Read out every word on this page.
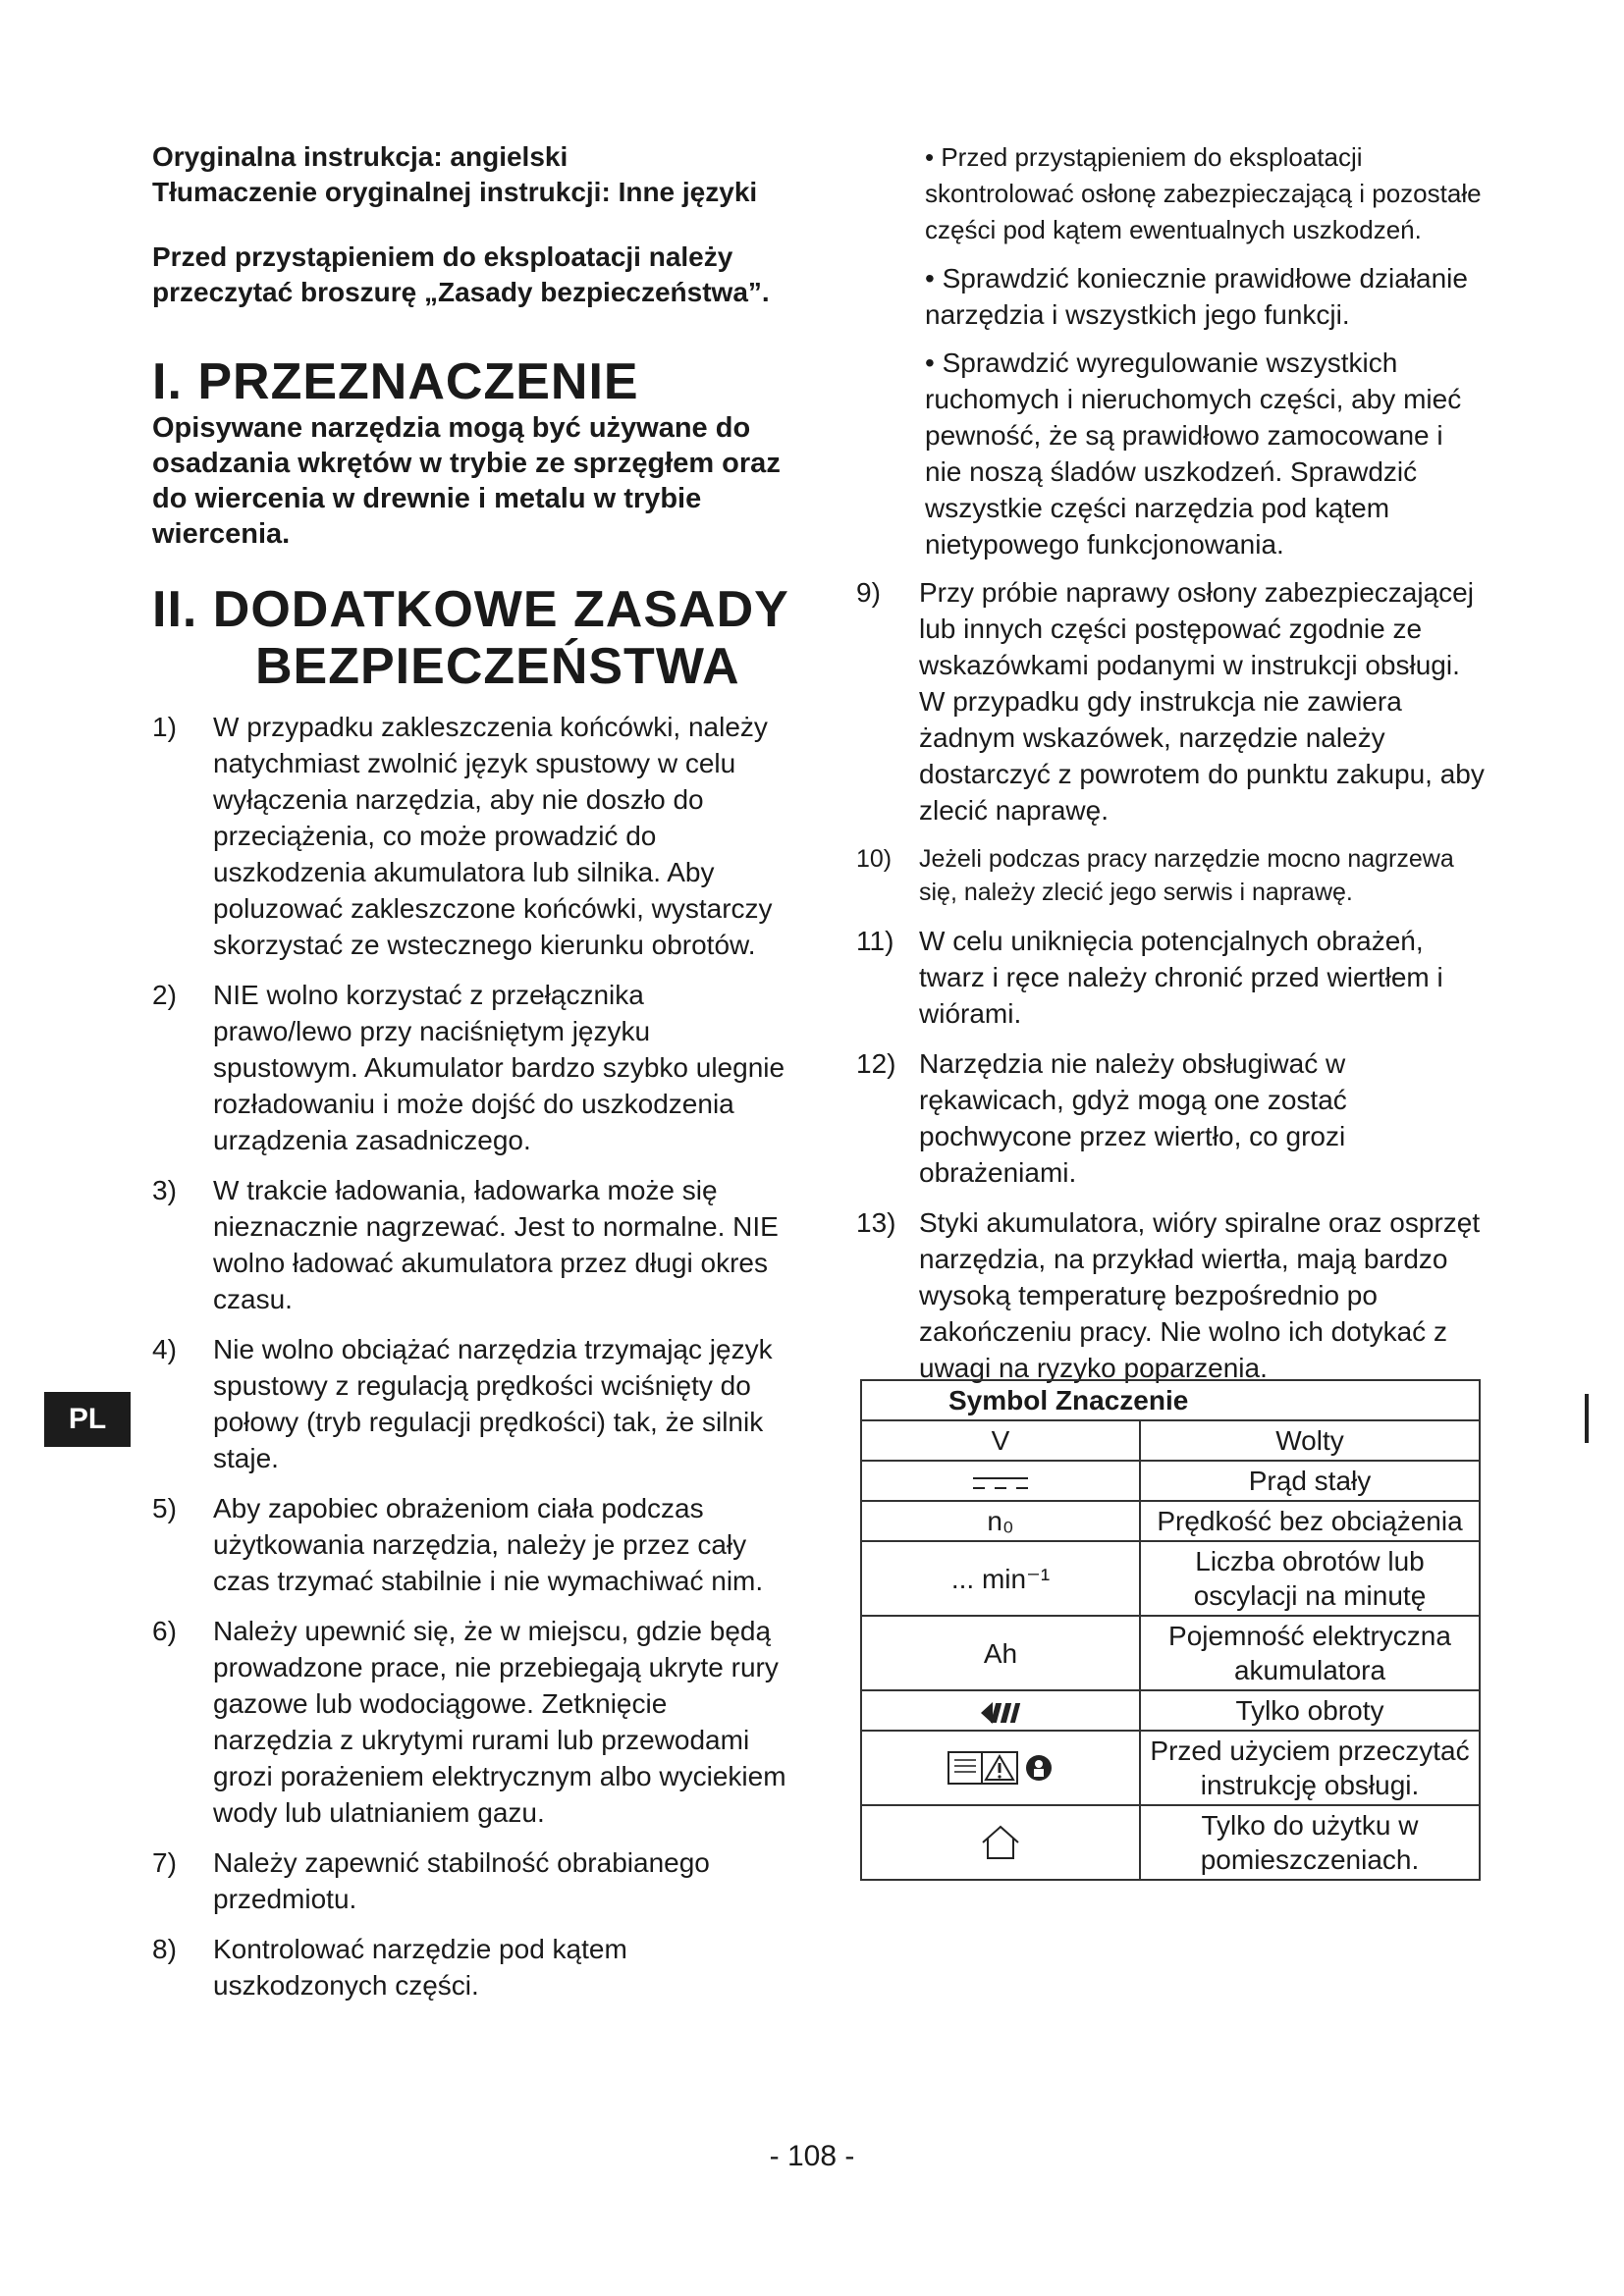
Oryginalna instrukcja: angielski
Tłumaczenie oryginalnej instrukcji: Inne języki
Przed przystąpieniem do eksploatacji należy
przeczytać broszurę „Zasady bezpieczeństwa”.
I. PRZEZNACZENIE
Opisywane narzędzia mogą być używane do osadzania wkrętów w trybie ze sprzęgłem oraz do wiercenia w drewnie i metalu w trybie wiercenia.
II. DODATKOWE ZASADY
BEZPIECZEŃSTWA
1) W przypadku zakleszczenia końcówki, należy natychmiast zwolnić język spustowy w celu wyłączenia narzędzia, aby nie doszło do przeciążenia, co może prowadzić do uszkodzenia akumulatora lub silnika. Aby poluzować zakleszczone końcówki, wystarczy skorzystać ze wstecznego kierunku obrotów.
2) NIE wolno korzystać z przełącznika prawo/lewo przy naciśniętym języku spustowym. Akumulator bardzo szybko ulegnie rozładowaniu i może dojść do uszkodzenia urządzenia zasadniczego.
3) W trakcie ładowania, ładowarka może się nieznacznie nagrzewać. Jest to normalne. NIE wolno ładować akumulatora przez długi okres czasu.
4) Nie wolno obciążać narzędzia trzymając język spustowy z regulacją prędkości wciśnięty do połowy (tryb regulacji prędkości) tak, że silnik staje.
5) Aby zapobiec obrażeniom ciała podczas użytkowania narzędzia, należy je przez cały czas trzymać stabilnie i nie wymachiwać nim.
6) Należy upewnić się, że w miejscu, gdzie będą prowadzone prace, nie przebiegają ukryte rury gazowe lub wodociągowe. Zetknięcie narzędzia z ukrytymi rurami lub przewodami grozi porażeniem elektrycznym albo wyciekiem wody lub ulatnianiem gazu.
7) Należy zapewnić stabilność obrabianego przedmiotu.
8) Kontrolować narzędzie pod kątem uszkodzonych części.
• Przed przystąpieniem do eksploatacji skontrolować osłonę zabezpieczającą i pozostałe części pod kątem ewentualnych uszkodzeń.
• Sprawdzić koniecznie prawidłowe działanie narzędzia i wszystkich jego funkcji.
• Sprawdzić wyregulowanie wszystkich ruchomych i nieruchomych części, aby mieć pewność, że są prawidłowo zamocowane i nie noszą śladów uszkodzeń. Sprawdzić wszystkie części narzędzia pod kątem nietypowego funkcjonowania.
9) Przy próbie naprawy osłony zabezpieczającej lub innych części postępować zgodnie ze wskazówkami podanymi w instrukcji obsługi. W przypadku gdy instrukcja nie zawiera żadnym wskazówek, narzędzie należy dostarczyć z powrotem do punktu zakupu, aby zlecić naprawę.
10) Jeżeli podczas pracy narzędzie mocno nagrzewa się, należy zlecić jego serwis i naprawę.
11) W celu uniknięcia potencjalnych obrażeń, twarz i ręce należy chronić przed wiertłem i wiórami.
12) Narzędzia nie należy obsługiwać w rękawicach, gdyż mogą one zostać pochwycone przez wiertło, co grozi obrażeniami.
13) Styki akumulatora, wióry spiralne oraz osprzęt narzędzia, na przykład wiertła, mają bardzo wysoką temperaturę bezpośrednio po zakończeniu pracy. Nie wolno ich dotykać z uwagi na ryzyko poparzenia.
Symbol Znaczenie	
V	Wolty
	Prąd stały
n₀	Prędkość bez obciążenia
... min⁻¹	Liczba obrotów lub oscylacji na minutę
Ah	Pojemność elektryczna akumulatora
	Tylko obroty
	Przed użyciem przeczytać instrukcję obsługi.
	Tylko do użytku w pomieszczeniach.
PL
- 108 -
